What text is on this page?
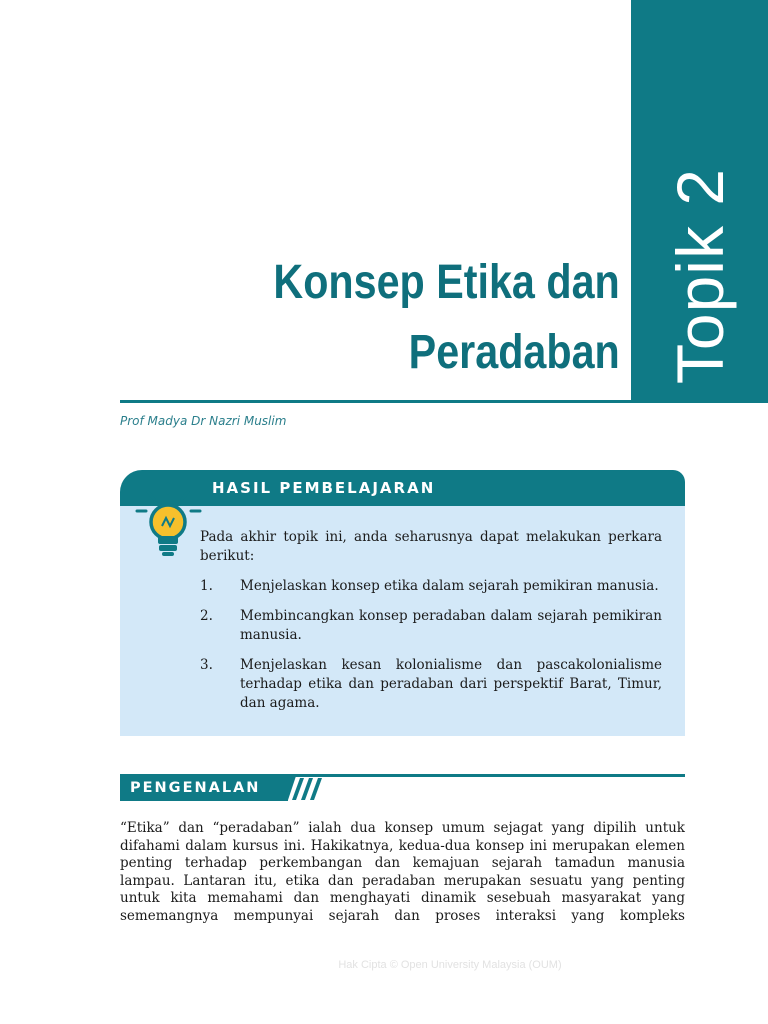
Topik 2
Konsep Etika dan
Peradaban
Prof Madya Dr Nazri Muslim
HASIL PEMBELAJARAN

Pada akhir topik ini, anda seharusnya dapat melakukan perkara berikut:

1.	Menjelaskan konsep etika dalam sejarah pemikiran manusia.
2.	Membincangkan konsep peradaban dalam sejarah pemikiran manusia.
3.	Menjelaskan kesan kolonialisme dan pascakolonialisme terhadap etika dan peradaban dari perspektif Barat, Timur, dan agama.
PENGENALAN
“Etika” dan “peradaban” ialah dua konsep umum sejagat yang dipilih untuk difahami dalam kursus ini. Hakikatnya, kedua-dua konsep ini merupakan elemen penting terhadap perkembangan dan kemajuan sejarah tamadun manusia lampau. Lantaran itu, etika dan peradaban merupakan sesuatu yang penting untuk kita memahami dan menghayati dinamik sesebuah masyarakat yang sememangnya mempunyai sejarah dan proses interaksi yang kompleks
Hak Cipta © Open University Malaysia (OUM)
